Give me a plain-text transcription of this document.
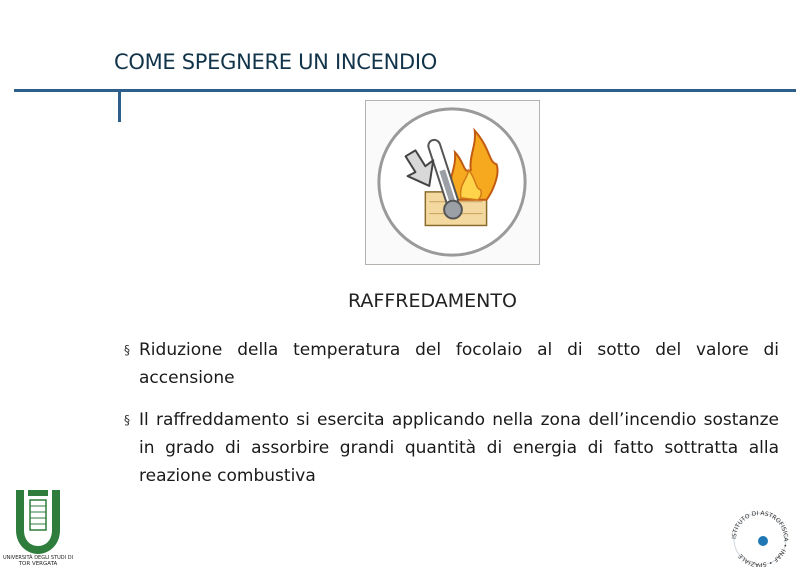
COME SPEGNERE UN INCENDIO
RAFFREDAMENTO
§ Riduzione della temperatura del focolaio al di sotto del valore di accensione
§ Il raffreddamento si esercita applicando nella zona dell’incendio sostanze in grado di assorbire grandi quantità di energia di fatto sottratta alla reazione combustiva
UNIVERSITÀ DEGLI STUDI DI
TOR VERGATA
ISTITUTO DI ASTROFISICA • INAF • SPAZIALE
